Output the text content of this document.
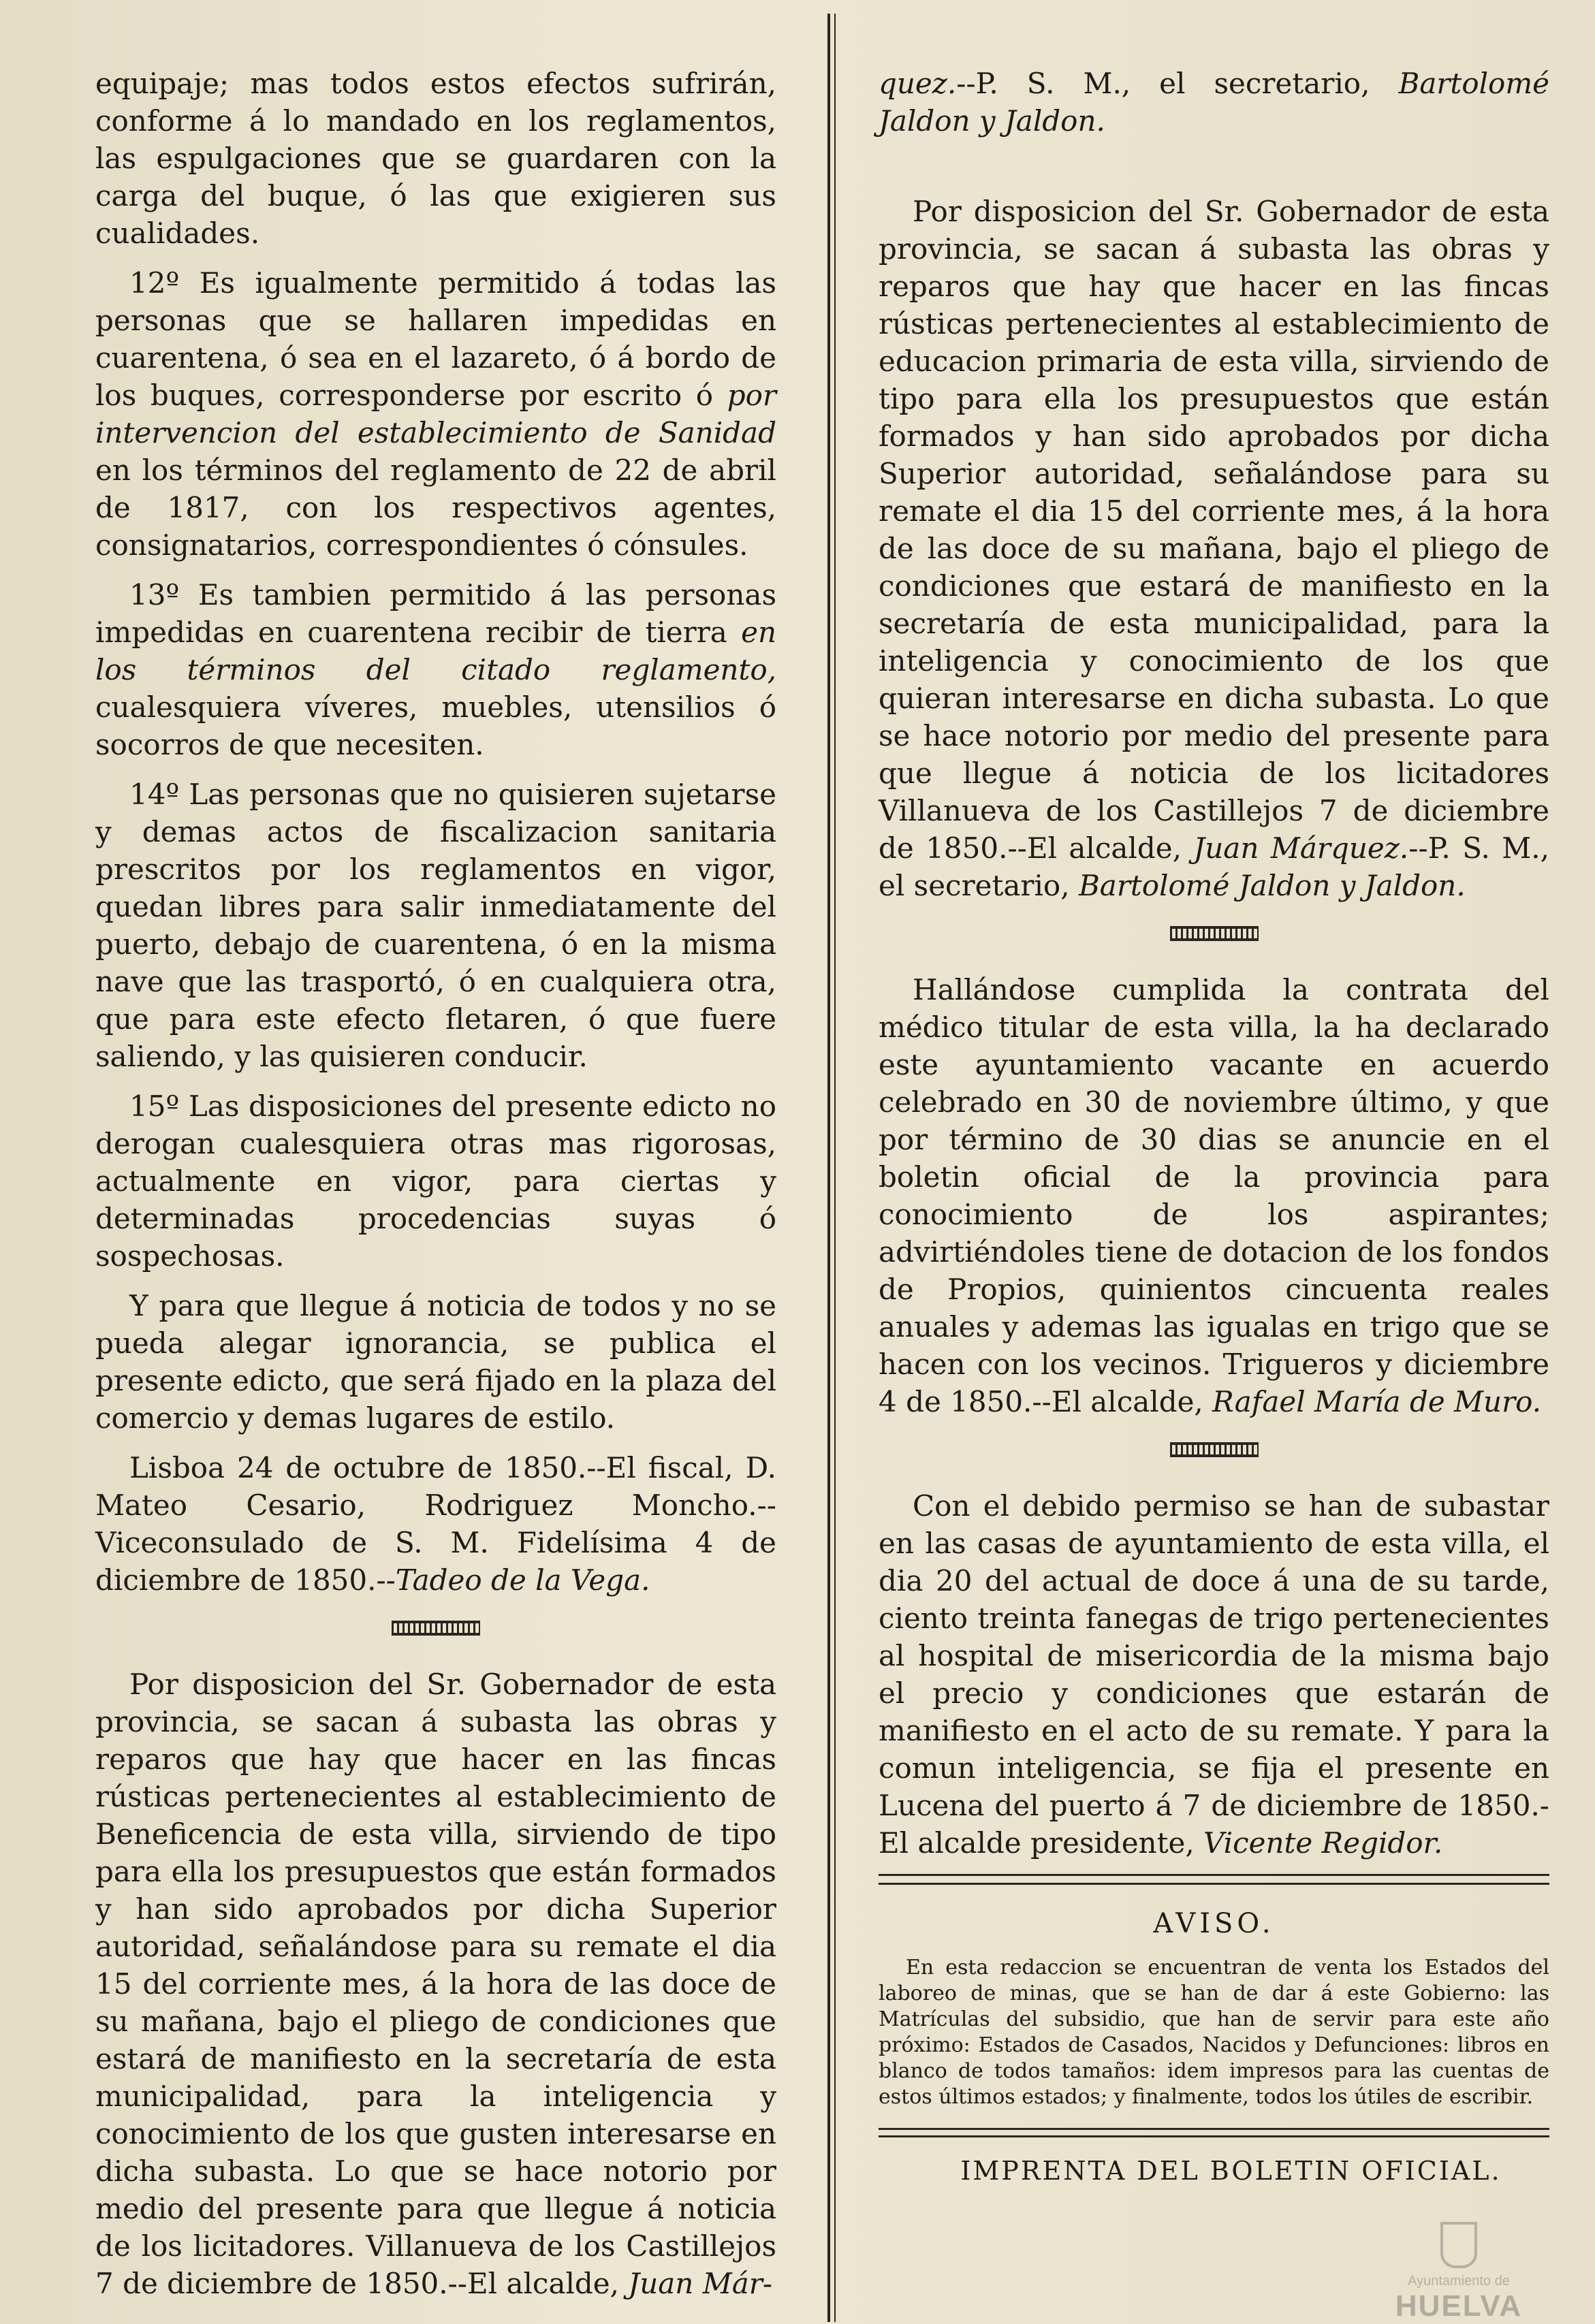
equipaje; mas todos estos efectos sufrirán, conforme á lo mandado en los reglamentos, las espulgaciones que se guardaren con la carga del buque, ó las que exigieren sus cualidades.

12º Es igualmente permitido á todas las personas que se hallaren impedidas en cuarentena, ó sea en el lazareto, ó á bordo de los buques, corresponderse por escrito ó por intervencion del establecimiento de Sanidad en los términos del reglamento de 22 de abril de 1817, con los respectivos agentes, consignatarios, correspondientes ó cónsules.

13º Es tambien permitido á las personas impedidas en cuarentena recibir de tierra en los términos del citado reglamento, cualesquiera víveres, muebles, utensilios ó socorros de que necesiten.

14º Las personas que no quisieren sujetarse y demas actos de fiscalizacion sanitaria prescritos por los reglamentos en vigor, quedan libres para salir inmediatamente del puerto, debajo de cuarentena, ó en la misma nave que las trasportó, ó en cualquiera otra, que para este efecto fletaren, ó que fuere saliendo, y las quisieren conducir.

15º Las disposiciones del presente edicto no derogan cualesquiera otras mas rigorosas, actualmente en vigor, para ciertas y determinadas procedencias suyas ó sospechosas.

Y para que llegue á noticia de todos y no se pueda alegar ignorancia, se publica el presente edicto, que será fijado en la plaza del comercio y demas lugares de estilo.

Lisboa 24 de octubre de 1850.--El fiscal, D. Mateo Cesario, Rodriguez Moncho.--Viceconsulado de S. M. Fidelísima 4 de diciembre de 1850.--Tadeo de la Vega.

Por disposicion del Sr. Gobernador de esta provincia, se sacan á subasta las obras y reparos que hay que hacer en las fincas rústicas pertenecientes al establecimiento de Beneficencia de esta villa, sirviendo de tipo para ella los presupuestos que están formados y han sido aprobados por dicha Superior autoridad, señalándose para su remate el dia 15 del corriente mes, á la hora de las doce de su mañana, bajo el pliego de condiciones que estará de manifiesto en la secretaría de esta municipalidad, para la inteligencia y conocimiento de los que gusten interesarse en dicha subasta. Lo que se hace notorio por medio del presente para que llegue á noticia de los licitadores. Villanueva de los Castillejos 7 de diciembre de 1850.--El alcalde, Juan Már-

quez.--P. S. M., el secretario, Bartolomé Jaldon y Jaldon.

Por disposicion del Sr. Gobernador de esta provincia, se sacan á subasta las obras y reparos que hay que hacer en las fincas rústicas pertenecientes al establecimiento de educacion primaria de esta villa, sirviendo de tipo para ella los presupuestos que están formados y han sido aprobados por dicha Superior autoridad, señalándose para su remate el dia 15 del corriente mes, á la hora de las doce de su mañana, bajo el pliego de condiciones que estará de manifiesto en la secretaría de esta municipalidad, para la inteligencia y conocimiento de los que quieran interesarse en dicha subasta. Lo que se hace notorio por medio del presente para que llegue á noticia de los licitadores Villanueva de los Castillejos 7 de diciembre de 1850.--El alcalde, Juan Márquez.--P. S. M., el secretario, Bartolomé Jaldon y Jaldon.

Hallándose cumplida la contrata del médico titular de esta villa, la ha declarado este ayuntamiento vacante en acuerdo celebrado en 30 de noviembre último, y que por término de 30 dias se anuncie en el boletin oficial de la provincia para conocimiento de los aspirantes; advirtiéndoles tiene de dotacion de los fondos de Propios, quinientos cincuenta reales anuales y ademas las igualas en trigo que se hacen con los vecinos. Trigueros y diciembre 4 de 1850.--El alcalde, Rafael María de Muro.

Con el debido permiso se han de subastar en las casas de ayuntamiento de esta villa, el dia 20 del actual de doce á una de su tarde, ciento treinta fanegas de trigo pertenecientes al hospital de misericordia de la misma bajo el precio y condiciones que estarán de manifiesto en el acto de su remate. Y para la comun inteligencia, se fija el presente en Lucena del puerto á 7 de diciembre de 1850.-El alcalde presidente, Vicente Regidor.

AVISO.

En esta redaccion se encuentran de venta los Estados del laboreo de minas, que se han de dar á este Gobierno: las Matrículas del subsidio, que han de servir para este año próximo: Estados de Casados, Nacidos y Defunciones: libros en blanco de todos tamaños: idem impresos para las cuentas de estos últimos estados; y finalmente, todos los útiles de escribir.

IMPRENTA DEL BOLETIN OFICIAL.

Ayuntamiento de
HUELVA
